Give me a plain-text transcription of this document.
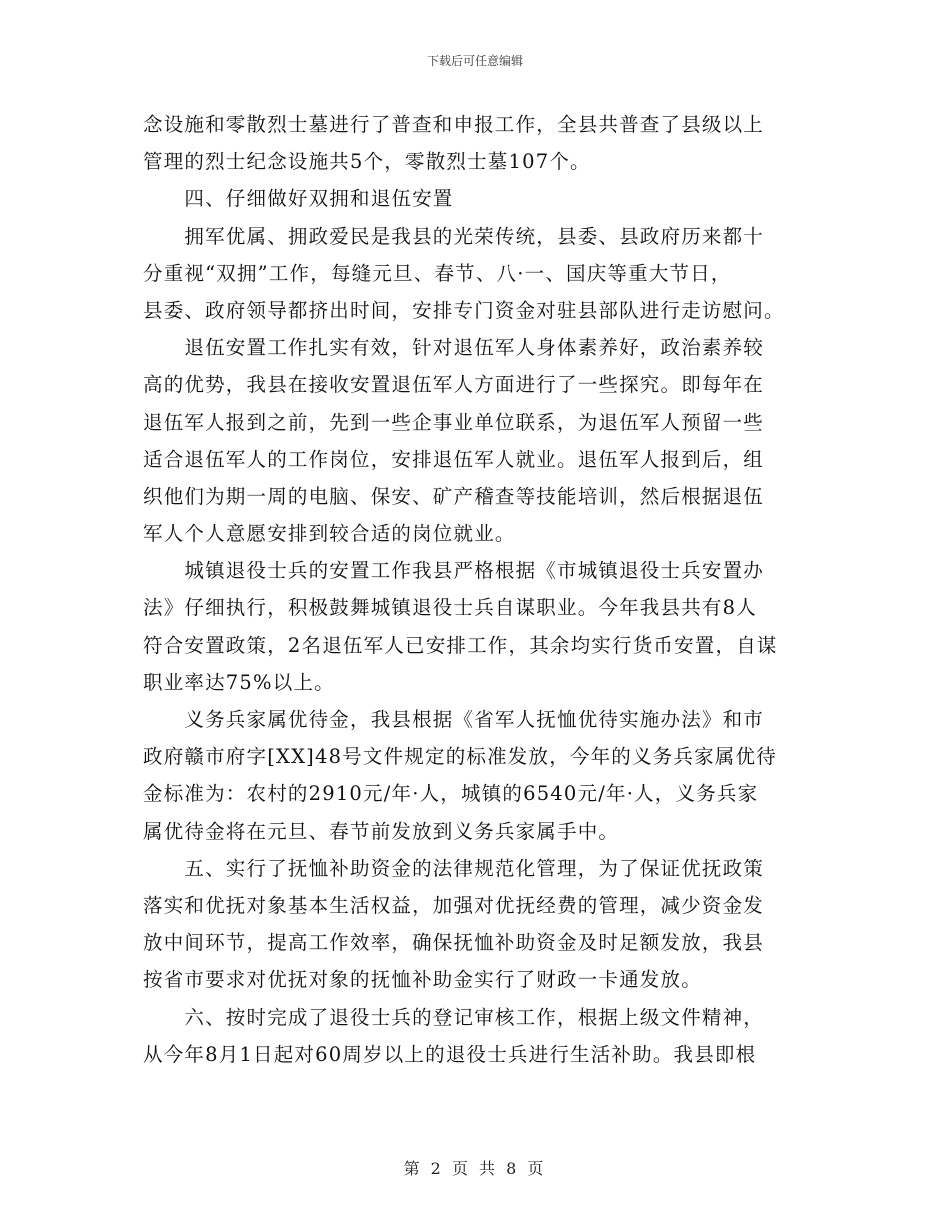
下载后可任意编辑
念设施和零散烈士墓进行了普查和申报工作，全县共普查了县级以上
管理的烈士纪念设施共5个，零散烈士墓107个。
　　四、仔细做好双拥和退伍安置
　　拥军优属、拥政爱民是我县的光荣传统，县委、县政府历来都十
分重视“双拥”工作，每缝元旦、春节、八·一、国庆等重大节日，
县委、政府领导都挤出时间，安排专门资金对驻县部队进行走访慰问。
　　退伍安置工作扎实有效，针对退伍军人身体素养好，政治素养较
高的优势，我县在接收安置退伍军人方面进行了一些探究。即每年在
退伍军人报到之前，先到一些企事业单位联系，为退伍军人预留一些
适合退伍军人的工作岗位，安排退伍军人就业。退伍军人报到后，组
织他们为期一周的电脑、保安、矿产稽查等技能培训，然后根据退伍
军人个人意愿安排到较合适的岗位就业。
　　城镇退役士兵的安置工作我县严格根据《市城镇退役士兵安置办
法》仔细执行，积极鼓舞城镇退役士兵自谋职业。今年我县共有8人
符合安置政策，2名退伍军人已安排工作，其余均实行货币安置，自谋
职业率达75%以上。
　　义务兵家属优待金，我县根据《省军人抚恤优待实施办法》和市
政府赣市府字[XX]48号文件规定的标准发放，今年的义务兵家属优待
金标准为：农村的2910元/年·人，城镇的6540元/年·人，义务兵家
属优待金将在元旦、春节前发放到义务兵家属手中。
　　五、实行了抚恤补助资金的法律规范化管理，为了保证优抚政策
落实和优抚对象基本生活权益，加强对优抚经费的管理，减少资金发
放中间环节，提高工作效率，确保抚恤补助资金及时足额发放，我县
按省市要求对优抚对象的抚恤补助金实行了财政一卡通发放。
　　六、按时完成了退役士兵的登记审核工作，根据上级文件精神，
从今年8月1日起对60周岁以上的退役士兵进行生活补助。我县即根
第 2 页 共 8 页
